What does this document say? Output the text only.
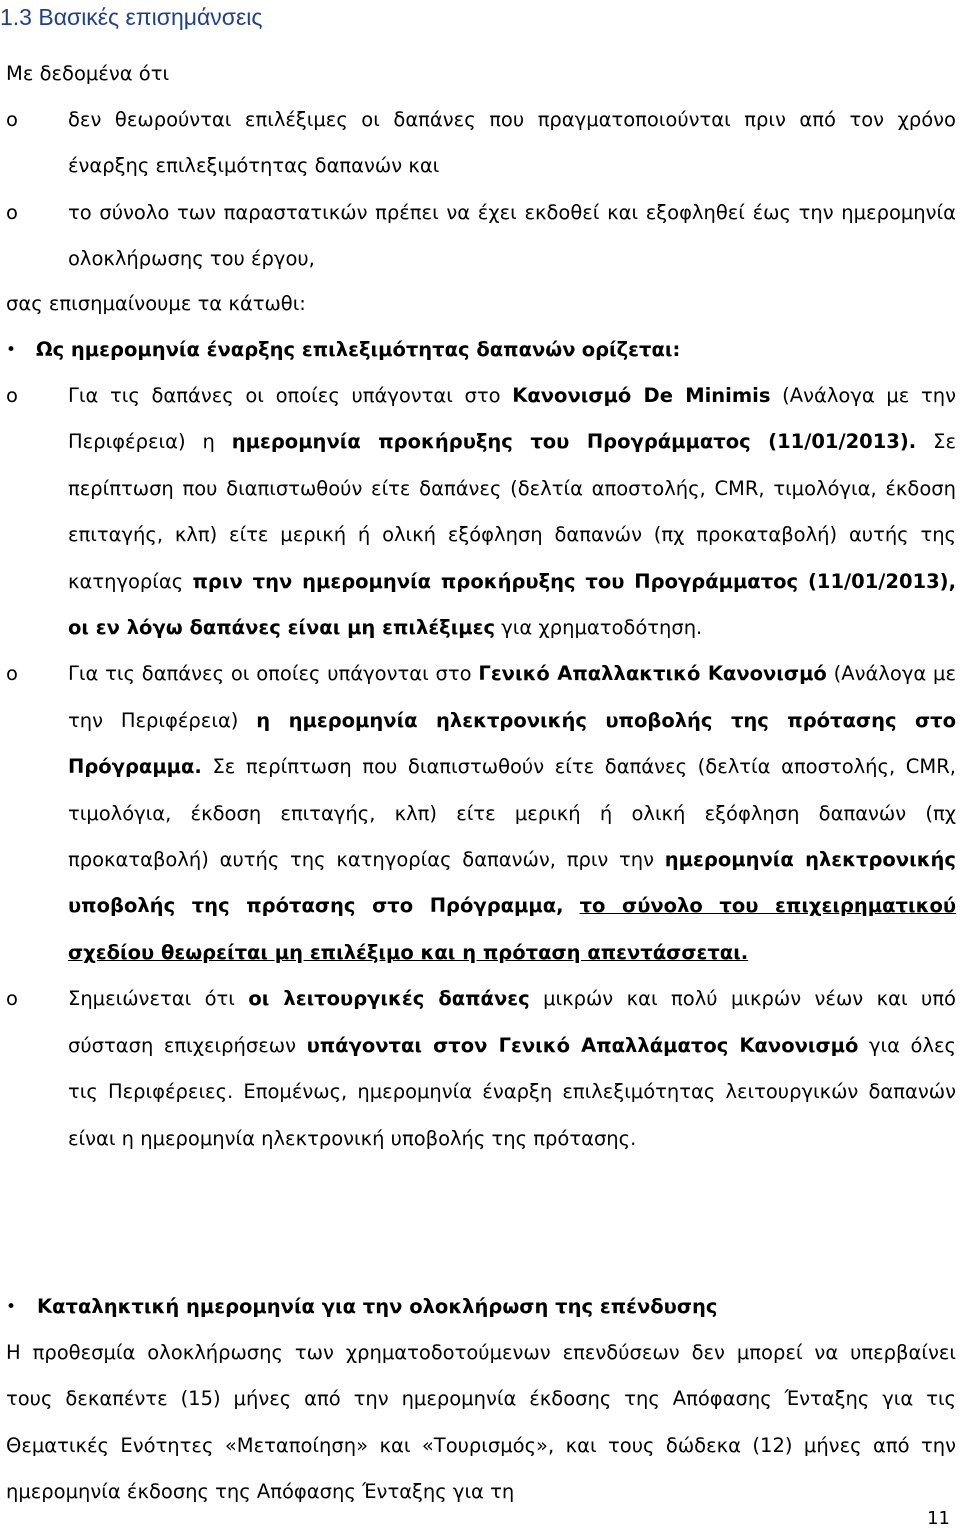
1.3 Βασικές επισημάνσεις

Με δεδομένα ότι

o	δεν θεωρούνται επιλέξιμες οι δαπάνες που πραγματοποιούνται πριν από τον χρόνο έναρξης επιλεξιμότητας δαπανών και
o	το σύνολο των παραστατικών πρέπει να έχει εκδοθεί και εξοφληθεί έως την ημερομηνία ολοκλήρωσης του έργου,

σας επισημαίνουμε τα κάτωθι:

•	Ως ημερομηνία έναρξης επιλεξιμότητας δαπανών ορίζεται:
o	Για τις δαπάνες οι οποίες υπάγονται στο Κανονισμό De Minimis (Ανάλογα με την Περιφέρεια) η ημερομηνία προκήρυξης του Προγράμματος (11/01/2013). Σε περίπτωση που διαπιστωθούν είτε δαπάνες (δελτία αποστολής, CMR, τιμολόγια, έκδοση επιταγής, κλπ) είτε μερική ή ολική εξόφληση δαπανών (πχ προκαταβολή) αυτής της κατηγορίας πριν την ημερομηνία προκήρυξης του Προγράμματος (11/01/2013), οι εν λόγω δαπάνες είναι μη επιλέξιμες για χρηματοδότηση.
o	Για τις δαπάνες οι οποίες υπάγονται στο Γενικό Απαλλακτικό Κανονισμό (Ανάλογα με την Περιφέρεια) η ημερομηνία ηλεκτρονικής υποβολής της πρότασης στο Πρόγραμμα. Σε περίπτωση που διαπιστωθούν είτε δαπάνες (δελτία αποστολής, CMR, τιμολόγια, έκδοση επιταγής, κλπ) είτε μερική ή ολική εξόφληση δαπανών (πχ προκαταβολή) αυτής της κατηγορίας δαπανών, πριν την ημερομηνία ηλεκτρονικής υποβολής της πρότασης στο Πρόγραμμα, το σύνολο του επιχειρηματικού σχεδίου θεωρείται μη επιλέξιμο και η πρόταση απεντάσσεται.
o	Σημειώνεται ότι οι λειτουργικές δαπάνες μικρών και πολύ μικρών νέων και υπό σύσταση επιχειρήσεων υπάγονται στον Γενικό Απαλλάματος Κανονισμό για όλες τις Περιφέρειες. Επομένως, ημερομηνία έναρξη επιλεξιμότητας λειτουργικών δαπανών είναι η ημερομηνία ηλεκτρονική υποβολής της πρότασης.
•	Καταληκτική ημερομηνία για την ολοκλήρωση της επένδυσης

Η προθεσμία ολοκλήρωσης των χρηματοδοτούμενων επενδύσεων δεν μπορεί να υπερβαίνει τους δεκαπέντε (15) μήνες από την ημερομηνία έκδοσης της Απόφασης Ένταξης για τις Θεματικές Ενότητες «Μεταποίηση» και «Τουρισμός», και τους δώδεκα (12) μήνες από την ημερομηνία έκδοσης της Απόφασης Ένταξης για τη

11
